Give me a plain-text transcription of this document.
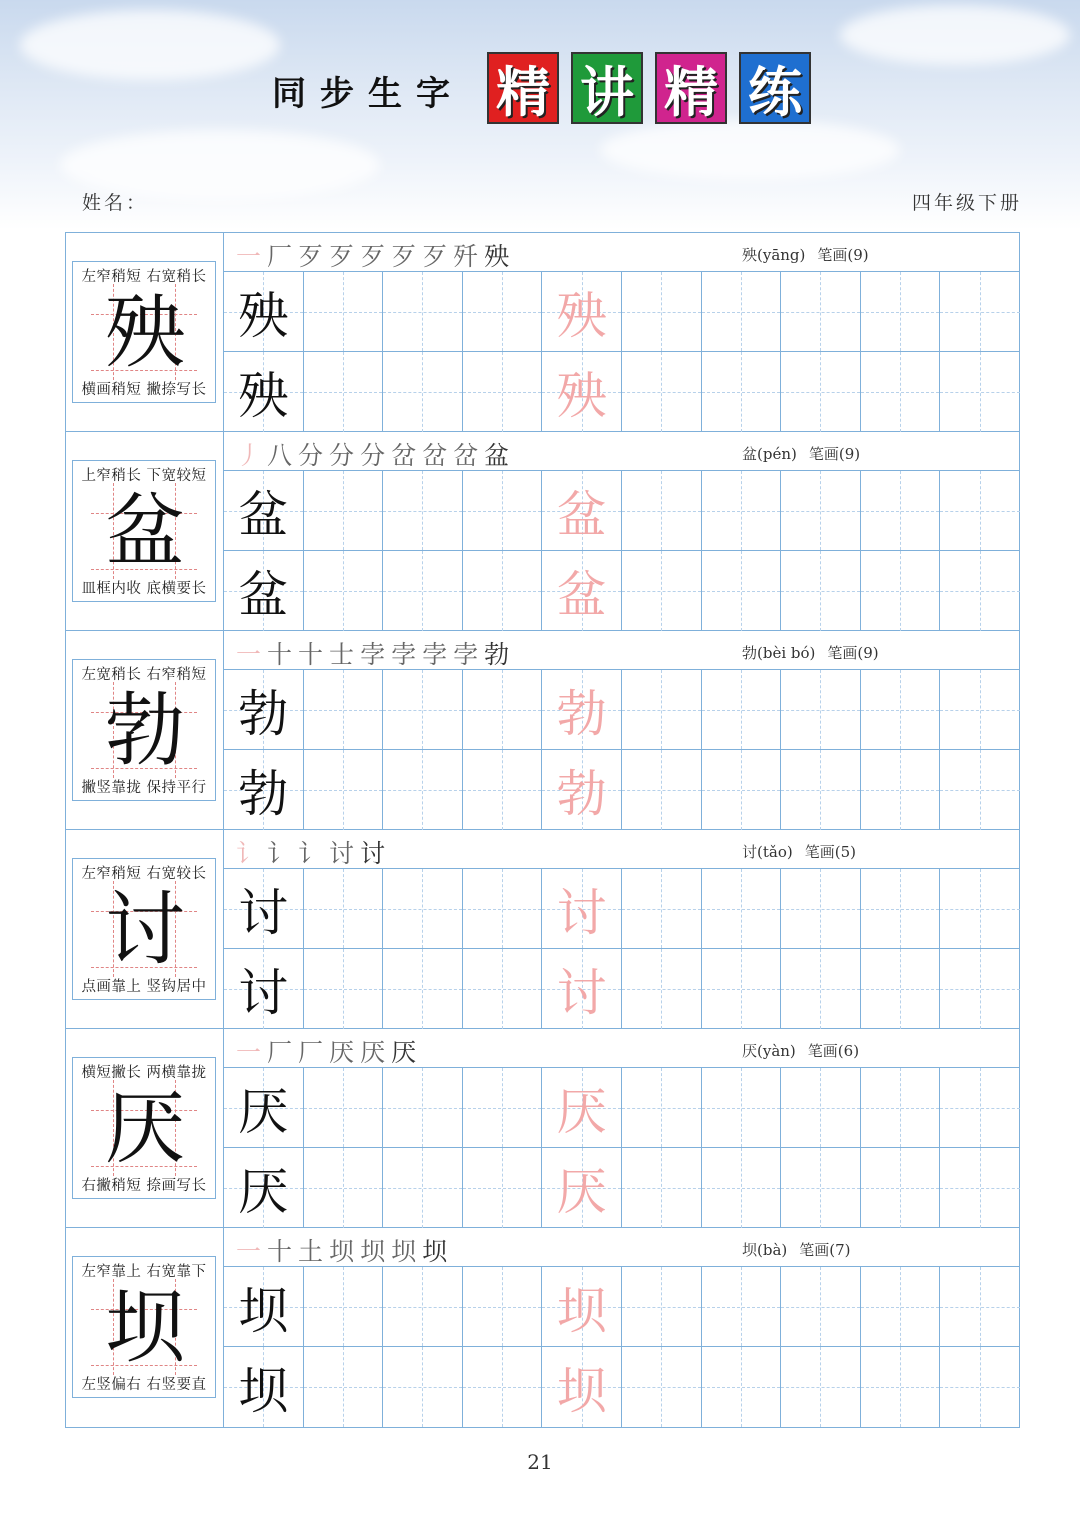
同步生字 精 讲 精 练
姓名：	四年级下册
左窄稍短 右宽稍长
殃
横画稍短 撇捺写长
一厂歹歹歹歹歹歼殃	殃(yāng) 笔画(9)
殃	殃
殃	殃
上窄稍长 下宽较短
盆
皿框内收 底横要长
丿八分分分岔岔岔盆	盆(pén) 笔画(9)
盆	盆
盆	盆
左宽稍长 右窄稍短
勃
撇竖靠拢 保持平行
一十十士孛孛孛孛勃	勃(bèi bó) 笔画(9)
勃	勃
勃	勃
左窄稍短 右宽较长
讨
点画靠上 竖钩居中
讠讠讠讨讨	讨(tǎo) 笔画(5)
讨	讨
讨	讨
横短撇长 两横靠拢
厌
右撇稍短 捺画写长
一厂厂厌厌厌	厌(yàn) 笔画(6)
厌	厌
厌	厌
左窄靠上 右宽靠下
坝
左竖偏右 右竖要直
一十土坝坝坝坝	坝(bà) 笔画(7)
坝	坝
坝	坝
21
